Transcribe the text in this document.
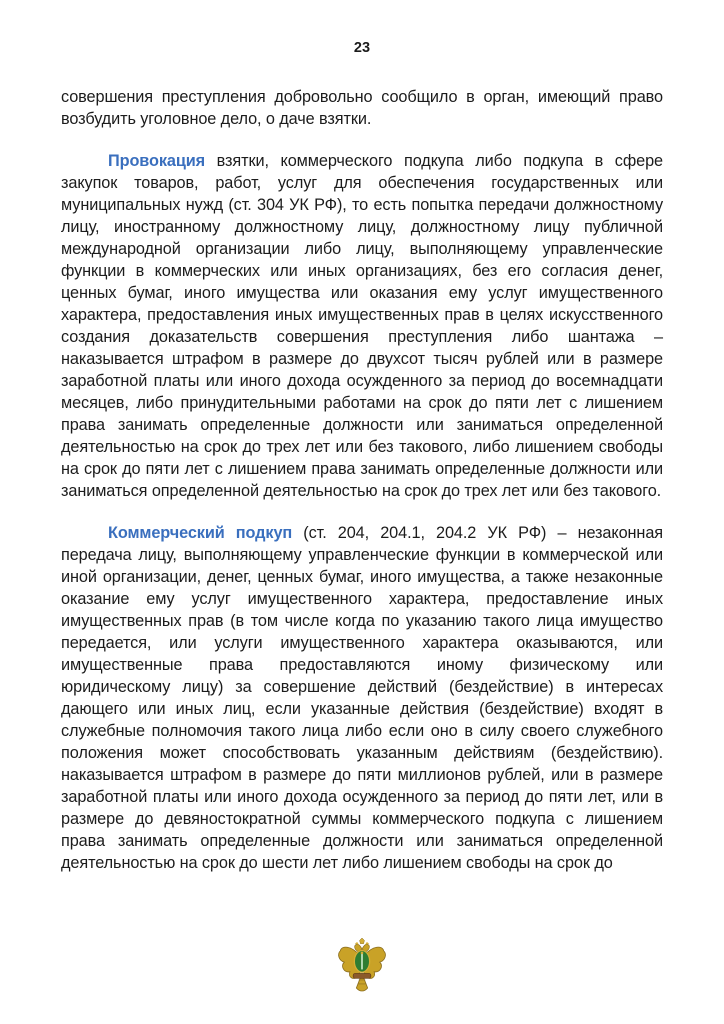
23

совершения преступления добровольно сообщило в орган, имеющий право возбудить уголовное дело, о даче взятки.

Провокация взятки, коммерческого подкупа либо подкупа в сфере закупок товаров, работ, услуг для обеспечения государственных или муниципальных нужд (ст. 304 УК РФ), то есть попытка передачи должностному лицу, иностранному должностному лицу, должностному лицу публичной международной организации либо лицу, выполняющему управленческие функции в коммерческих или иных организациях, без его согласия денег, ценных бумаг, иного имущества или оказания ему услуг имущественного характера, предоставления иных имущественных прав в целях искусственного создания доказательств совершения преступления либо шантажа – наказывается штрафом в размере до двухсот тысяч рублей или в размере заработной платы или иного дохода осужденного за период до восемнадцати месяцев, либо принудительными работами на срок до пяти лет с лишением права занимать определенные должности или заниматься определенной деятельностью на срок до трех лет или без такового, либо лишением свободы на срок до пяти лет с лишением права занимать определенные должности или заниматься определенной деятельностью на срок до трех лет или без такового.

Коммерческий подкуп (ст. 204, 204.1, 204.2 УК РФ) – незаконная передача лицу, выполняющему управленческие функции в коммерческой или иной организации, денег, ценных бумаг, иного имущества, а также незаконные оказание ему услуг имущественного характера, предоставление иных имущественных прав (в том числе когда по указанию такого лица имущество передается, или услуги имущественного характера оказываются, или имущественные права предоставляются иному физическому или юридическому лицу) за совершение действий (бездействие) в интересах дающего или иных лиц, если указанные действия (бездействие) входят в служебные полномочия такого лица либо если оно в силу своего служебного положения может способствовать указанным действиям (бездействию). наказывается штрафом в размере до пяти миллионов рублей, или в размере заработной платы или иного дохода осужденного за период до пяти лет, или в размере до девяностократной суммы коммерческого подкупа с лишением права занимать определенные должности или заниматься определенной деятельностью на срок до шести лет либо лишением свободы на срок до
